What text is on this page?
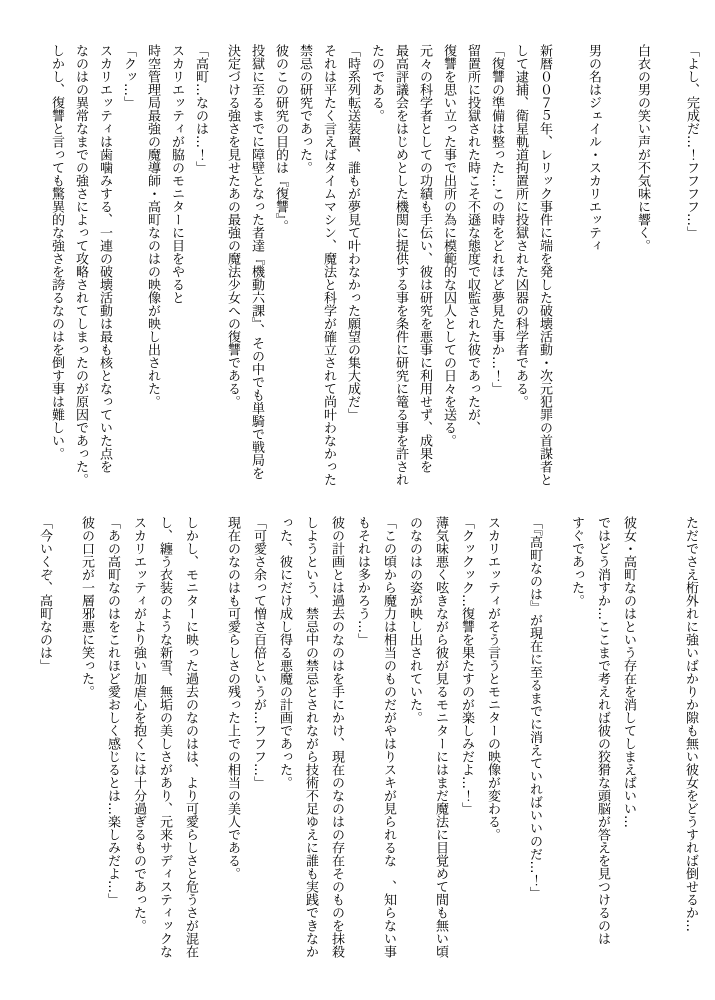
「よし、完成だ…！フフフフ…」
白衣の男の笑い声が不気味に響く。
男の名はジェイル・スカリエッティ
新暦００７５年、レリック事件に端を発した破壊活動・次元犯罪の首謀者と
して逮捕、衛星軌道拘置所に投獄された凶器の科学者である。
「復讐の準備は整った…この時をどれほど夢見た事か…！」
留置所に投獄された時こそ不遜な態度で収監された彼であったが、
復讐を思い立った事で出所の為に模範的な囚人としての日々を送る。
元々の科学者としての功績も手伝い、彼は研究を悪事に利用せず、成果を
最高評議会をはじめとした機関に提供する事を条件に研究に篭る事を許され
たのである。
「時系列転送装置、誰もが夢見て叶わなかった願望の集大成だ」
それは平たく言えばタイムマシン、魔法と科学が確立されて尚叶わなかった
禁忌の研究であった。
彼のこの研究の目的は『復讐』。
投獄に至るまでに障壁となった者達『機動六課』、その中でも単騎で戦局を
決定づける強さを見せたあの最強の魔法少女への復讐である。
「高町…なのは…！」
スカリエッティが脇のモニターに目をやると
時空管理局最強の魔導師・高町なのはの映像が映し出された。
「クッ…」
スカリエッティは歯噛みする、一連の破壊活動は最も核となっていた点を
なのはの異常なまでの強さによって攻略されてしまったのが原因であった。
しかし、復讐と言っても驚異的な強さを誇るなのはを倒す事は難しい。
ただでさえ桁外れに強いばかりか隙も無い彼女をどうすれば倒せるか…
彼女・高町なのはという存在を消してしまえばいい…
ではどう消すか…ここまで考えれば彼の狡猾な頭脳が答えを見つけるのは
すぐであった。
「『高町なのは』が現在に至るまでに消えていればいいのだ…！」
スカリエッティがそう言うとモニターの映像が変わる。
「クックック…復讐を果たすのが楽しみだよ…！」
薄気味悪く呟きながら彼が見るモニターにはまだ魔法に目覚めて間も無い頃
のなのはの姿が映し出されていた。
「この頃から魔力は相当のものだがやはりスキが見られるな　、知らない事
もそれは多かろう…」
彼の計画とは過去のなのはを手にかけ、現在のなのはの存在そのものを抹殺
しようという、禁忌中の禁忌とされながら技術不足ゆえに誰も実践できなか
った、彼にだけ成し得る悪魔の計画であった。
「可愛さ余って憎さ百倍というが…フフフ…」
現在のなのはも可愛らしさの残った上での相当の美人である。
しかし、モニターに映った過去のなのはは、より可愛らしさと危うさが混在
し、纏う衣装のような新雪、無垢の美しさがあり、元来サディスティックな
スカリエッティがより強い加虐心を抱くには十分過ぎるものであった。
「あの高町なのはをこれほど愛おしく感じるとは…楽しみだよ…」
彼の口元が一層邪悪に笑った。
「今いくぞ、高町なのは」
